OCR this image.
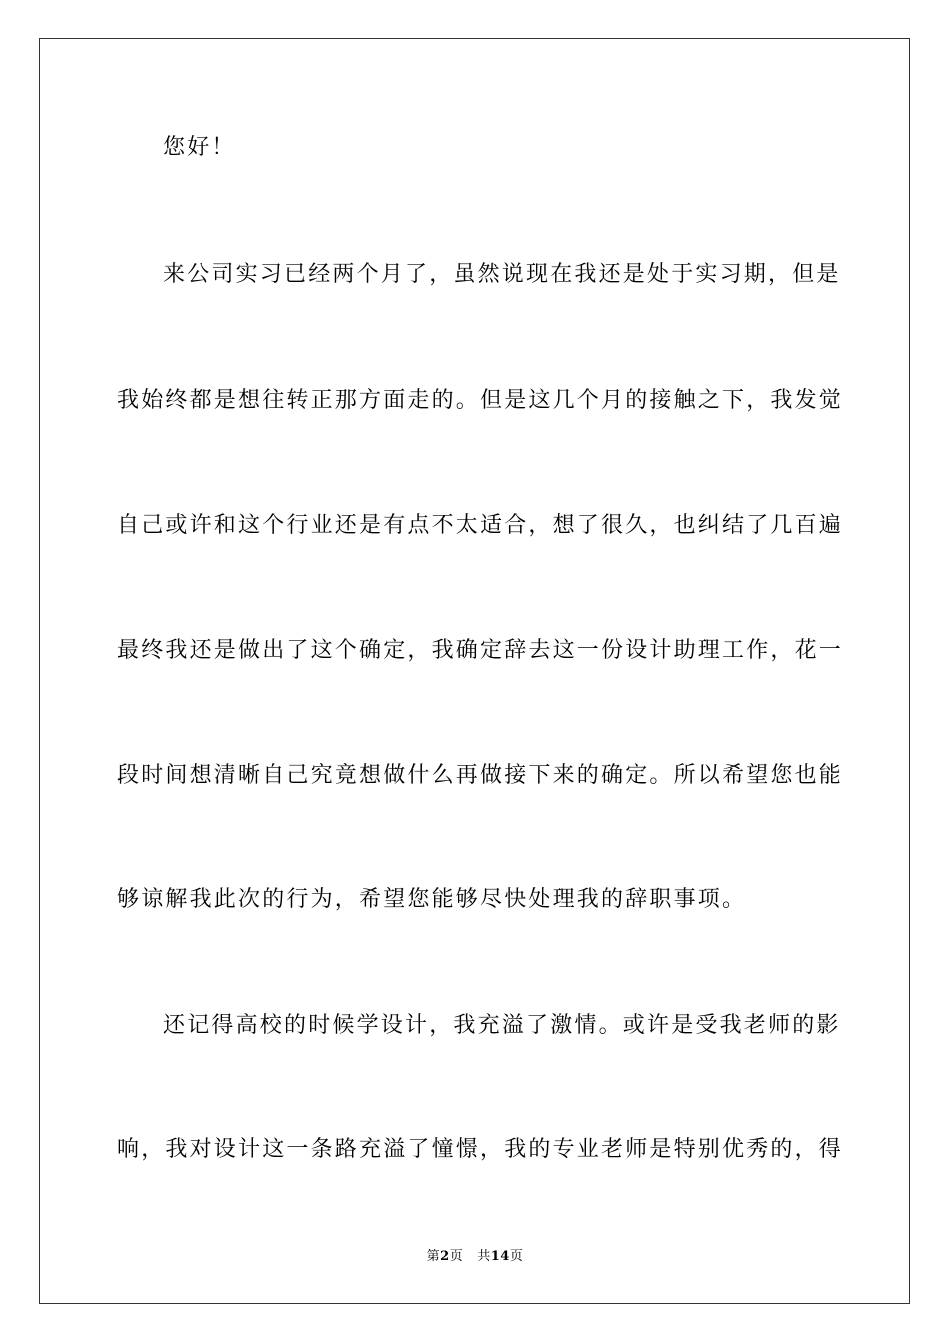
您好！
来公司实习已经两个月了，虽然说现在我还是处于实习期，但是
我始终都是想往转正那方面走的。但是这几个月的接触之下，我发觉
自己或许和这个行业还是有点不太适合，想了很久，也纠结了几百遍
最终我还是做出了这个确定，我确定辞去这一份设计助理工作，花一
段时间想清晰自己究竟想做什么再做接下来的确定。所以希望您也能
够谅解我此次的行为，希望您能够尽快处理我的辞职事项。
还记得高校的时候学设计，我充溢了激情。或许是受我老师的影
响，我对设计这一条路充溢了憧憬，我的专业老师是特别优秀的，得
第2页 共14页
